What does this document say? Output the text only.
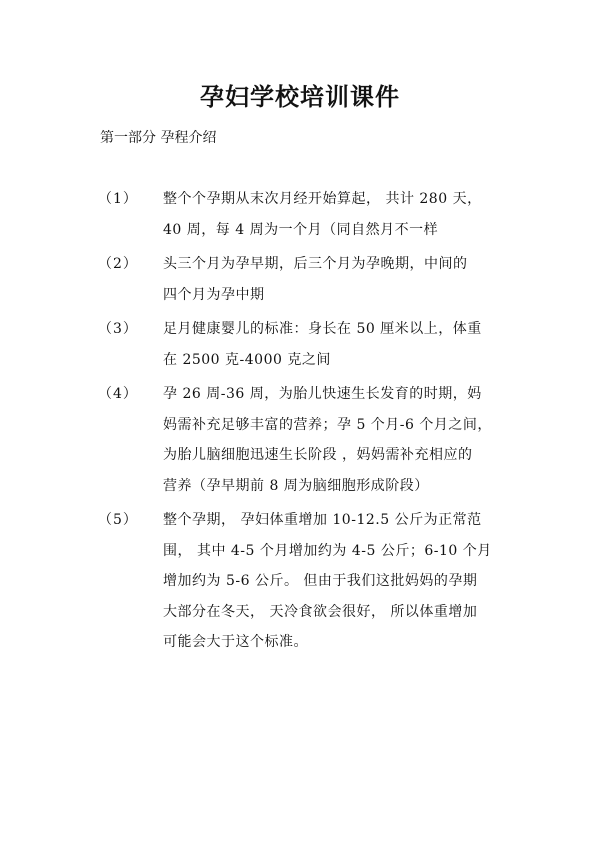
孕妇学校培训课件
第一部分 孕程介绍
（1）	整个个孕期从末次月经开始算起， 共计 280 天，
40 周，每 4 周为一个月（同自然月不一样
（2）	头三个月为孕早期，后三个月为孕晚期，中间的
四个月为孕中期
（3）	足月健康婴儿的标准：身长在 50 厘米以上，体重
在 2500 克-4000 克之间
（4）	孕 26 周-36 周，为胎儿快速生长发育的时期，妈
妈需补充足够丰富的营养；孕 5 个月-6 个月之间，
为胎儿脑细胞迅速生长阶段 ，妈妈需补充相应的
营养（孕早期前 8 周为脑细胞形成阶段）
（5）	整个孕期， 孕妇体重增加 10-12.5 公斤为正常范
围， 其中 4-5 个月增加约为 4-5 公斤；6-10 个月
增加约为 5-6 公斤。 但由于我们这批妈妈的孕期
大部分在冬天， 天冷食欲会很好， 所以体重增加
可能会大于这个标准。
